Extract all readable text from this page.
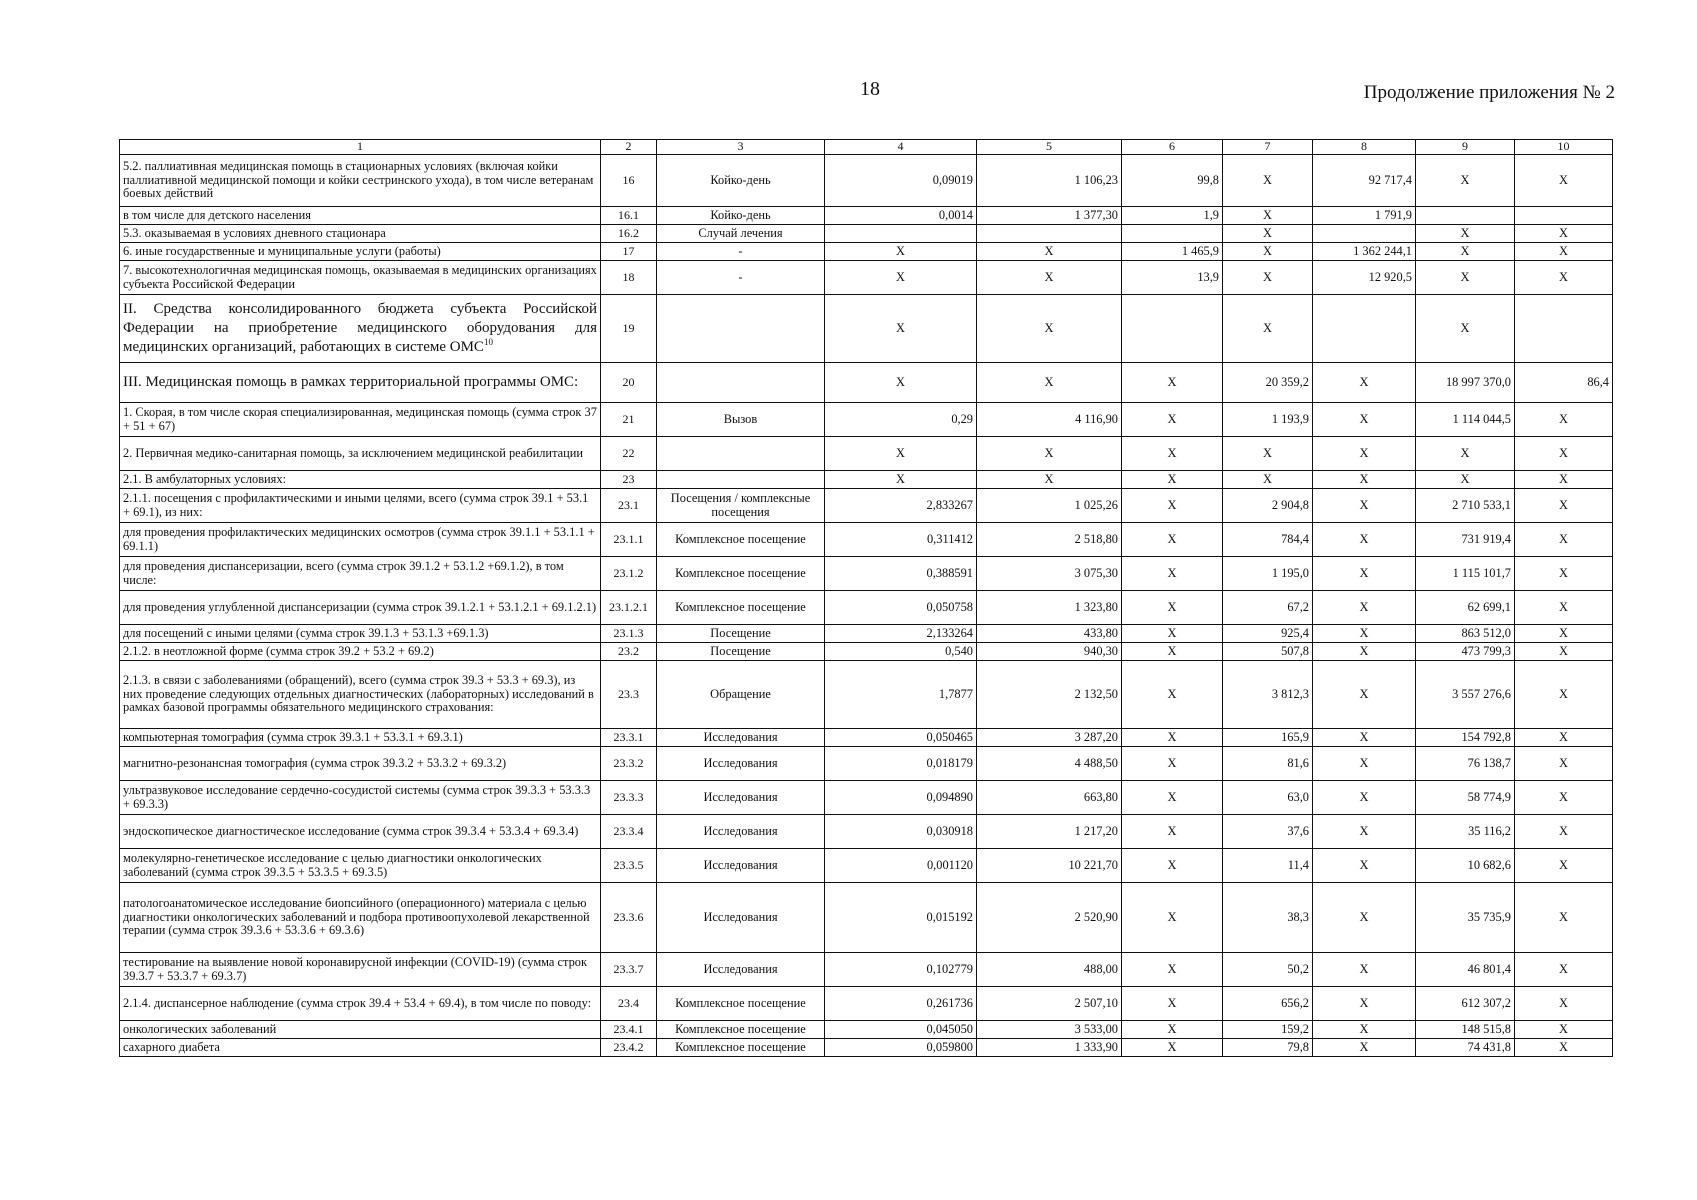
18	Продолжение приложения № 2
1	2	3	4	5	6	7	8	9	10
5.2. паллиативная медицинская помощь в стационарных условиях (включая койки паллиативной медицинской помощи и койки сестринского ухода), в том числе ветеранам боевых действий	16	Койко-день	0,09019	1 106,23	99,8	X	92 717,4	X	X
в том числе для детского населения	16.1	Койко-день	0,0014	1 377,30	1,9	X	1 791,9		
5.3. оказываемая в условиях дневного стационара	16.2	Случай лечения				X		X	X
6. иные государственные и муниципальные услуги (работы)	17	-	X	X	1 465,9	X	1 362 244,1	X	X
7. высокотехнологичная медицинская помощь, оказываемая в медицинских организациях субъекта Российской Федерации	18	-	X	X	13,9	X	12 920,5	X	X
II. Средства консолидированного бюджета субъекта Российской Федерации на приобретение медицинского оборудования для медицинских организаций, работающих в системе ОМС$^{10}$	19		X	X		X		X	
III. Медицинская помощь в рамках территориальной программы ОМС:	20		X	X	X	20 359,2	X	18 997 370,0	86,4
1. Скорая, в том числе скорая специализированная, медицинская помощь (сумма строк 37 + 51 + 67)	21	Вызов	0,29	4 116,90	X	1 193,9	X	1 114 044,5	X
2. Первичная медико-санитарная помощь, за исключением медицинской реабилитации	22		X	X	X	X	X	X	X
2.1. В амбулаторных условиях:	23		X	X	X	X	X	X	X
2.1.1. посещения с профилактическими и иными целями, всего (сумма строк 39.1 + 53.1 + 69.1), из них:	23.1	Посещения / комплексные посещения	2,833267	1 025,26	X	2 904,8	X	2 710 533,1	X
для проведения профилактических медицинских осмотров (сумма строк 39.1.1 + 53.1.1 + 69.1.1)	23.1.1	Комплексное посещение	0,311412	2 518,80	X	784,4	X	731 919,4	X
для проведения диспансеризации, всего (сумма строк 39.1.2 + 53.1.2 +69.1.2), в том числе:	23.1.2	Комплексное посещение	0,388591	3 075,30	X	1 195,0	X	1 115 101,7	X
для проведения углубленной диспансеризации (сумма строк 39.1.2.1 + 53.1.2.1 + 69.1.2.1)	23.1.2.1	Комплексное посещение	0,050758	1 323,80	X	67,2	X	62 699,1	X
для посещений с иными целями (сумма строк 39.1.3 + 53.1.3 +69.1.3)	23.1.3	Посещение	2,133264	433,80	X	925,4	X	863 512,0	X
2.1.2. в неотложной форме (сумма строк 39.2 + 53.2 + 69.2)	23.2	Посещение	0,540	940,30	X	507,8	X	473 799,3	X
2.1.3. в связи с заболеваниями (обращений), всего (сумма строк 39.3 + 53.3 + 69.3), из них проведение следующих отдельных диагностических (лабораторных) исследований в рамках базовой программы обязательного медицинского страхования:	23.3	Обращение	1,7877	2 132,50	X	3 812,3	X	3 557 276,6	X
компьютерная томография (сумма строк 39.3.1 + 53.3.1 + 69.3.1)	23.3.1	Исследования	0,050465	3 287,20	X	165,9	X	154 792,8	X
магнитно-резонансная томография (сумма строк 39.3.2 + 53.3.2 + 69.3.2)	23.3.2	Исследования	0,018179	4 488,50	X	81,6	X	76 138,7	X
ультразвуковое исследование сердечно-сосудистой системы (сумма строк 39.3.3 + 53.3.3 + 69.3.3)	23.3.3	Исследования	0,094890	663,80	X	63,0	X	58 774,9	X
эндоскопическое диагностическое исследование (сумма строк 39.3.4 + 53.3.4 + 69.3.4)	23.3.4	Исследования	0,030918	1 217,20	X	37,6	X	35 116,2	X
молекулярно-генетическое исследование с целью диагностики онкологических заболеваний (сумма строк 39.3.5 + 53.3.5 + 69.3.5)	23.3.5	Исследования	0,001120	10 221,70	X	11,4	X	10 682,6	X
патологоанатомическое исследование биопсийного (операционного) материала с целью диагностики онкологических заболеваний и подбора противоопухолевой лекарственной терапии (сумма строк 39.3.6 + 53.3.6 + 69.3.6)	23.3.6	Исследования	0,015192	2 520,90	X	38,3	X	35 735,9	X
тестирование на выявление новой коронавирусной инфекции (COVID-19) (сумма строк 39.3.7 + 53.3.7 + 69.3.7)	23.3.7	Исследования	0,102779	488,00	X	50,2	X	46 801,4	X
2.1.4. диспансерное наблюдение (сумма строк 39.4 + 53.4 + 69.4), в том числе по поводу:	23.4	Комплексное посещение	0,261736	2 507,10	X	656,2	X	612 307,2	X
онкологических заболеваний	23.4.1	Комплексное посещение	0,045050	3 533,00	X	159,2	X	148 515,8	X
сахарного диабета	23.4.2	Комплексное посещение	0,059800	1 333,90	X	79,8	X	74 431,8	X
